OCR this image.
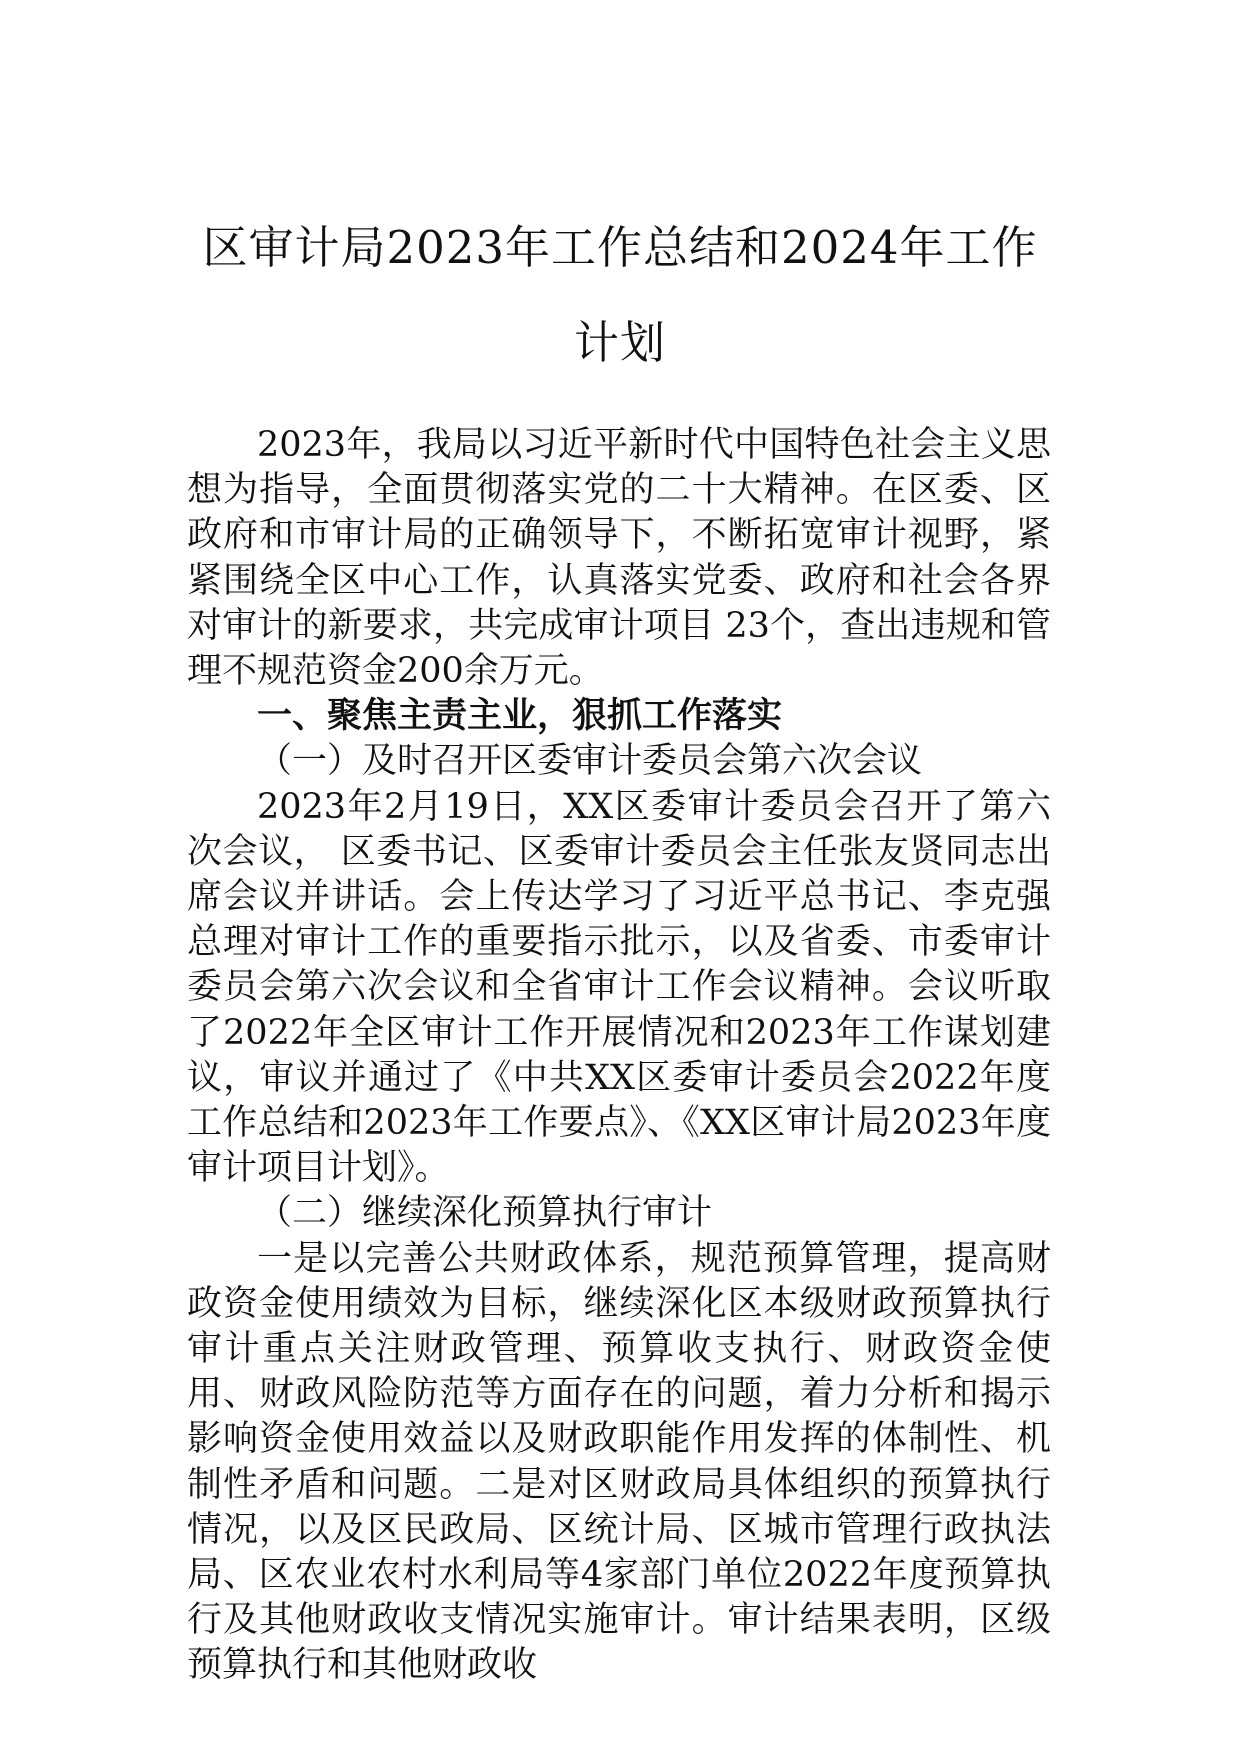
区审计局2023年工作总结和2024年工作计划

2023年，我局以习近平新时代中国特色社会主义思想为指导，全面贯彻落实党的二十大精神。在区委、区政府和市审计局的正确领导下，不断拓宽审计视野，紧紧围绕全区中心工作，认真落实党委、政府和社会各界对审计的新要求，共完成审计项目 23个，查出违规和管理不规范资金200余万元。

一、聚焦主责主业，狠抓工作落实

（一）及时召开区委审计委员会第六次会议

2023年2月19日，XX区委审计委员会召开了第六次会议， 区委书记、区委审计委员会主任张友贤同志出席会议并讲话。会上传达学习了习近平总书记、李克强总理对审计工作的重要指示批示，以及省委、市委审计委员会第六次会议和全省审计工作会议精神。会议听取了2022年全区审计工作开展情况和2023年工作谋划建议，审议并通过了《中共XX区委审计委员会2022年度工作总结和2023年工作要点》、《XX区审计局2023年度审计项目计划》。

（二）继续深化预算执行审计

一是以完善公共财政体系，规范预算管理，提高财政资金使用绩效为目标，继续深化区本级财政预算执行审计重点关注财政管理、预算收支执行、财政资金使用、财政风险防范等方面存在的问题，着力分析和揭示影响资金使用效益以及财政职能作用发挥的体制性、机制性矛盾和问题。二是对区财政局具体组织的预算执行情况，以及区民政局、区统计局、区城市管理行政执法局、区农业农村水利局等4家部门单位2022年度预算执行及其他财政收支情况实施审计。审计结果表明，区级预算执行和其他财政收
